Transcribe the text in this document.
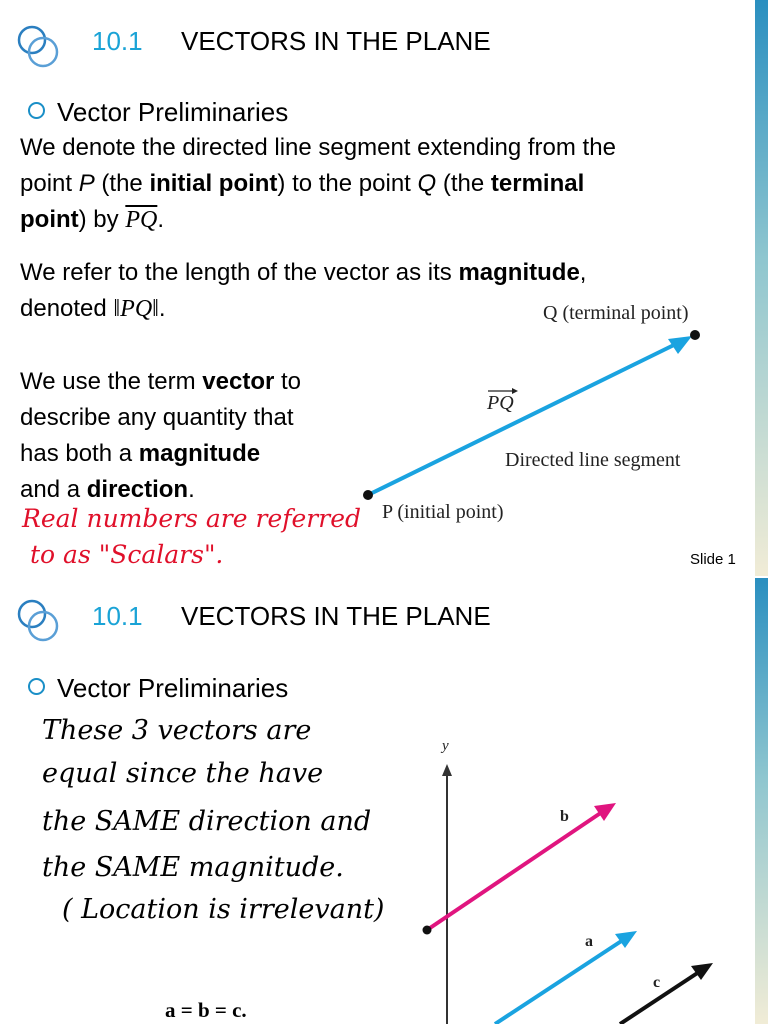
10.1 VECTORS IN THE PLANE
Vector Preliminaries
We denote the directed line segment extending from the
point P (the initial point) to the point Q (the terminal
point) by $\overline{PQ}$.
We refer to the length of the vector as its magnitude,
denoted ‖PQ‖.
We use the term vector to
describe any quantity that
has both a magnitude
and a direction.
Real numbers are referred
to as "Scalars".
Q (terminal point)
PQ
Directed line segment
P (initial point)
Slide 1
10.1 VECTORS IN THE PLANE
Vector Preliminaries
These 3 vectors are
equal since the have
the SAME direction and
the SAME magnitude.
( Location is irrelevant)
a = b = c.
y
b
a
c
